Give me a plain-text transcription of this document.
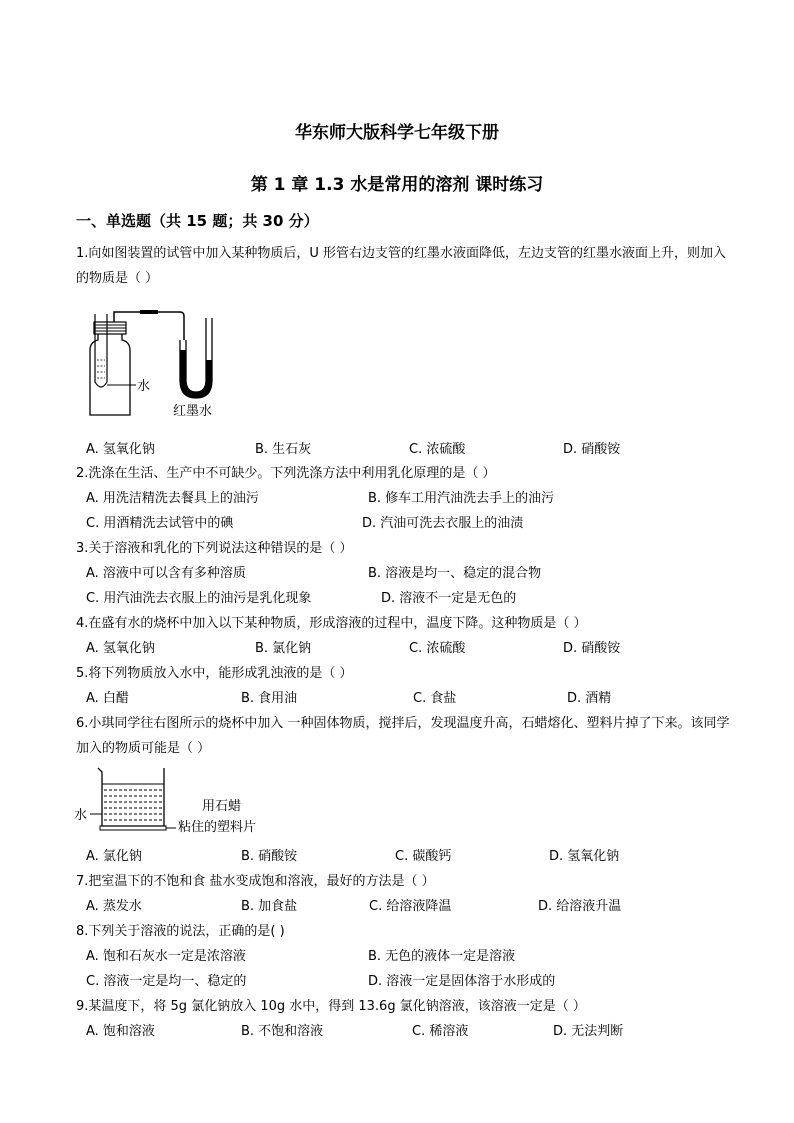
华东师大版科学七年级下册
第 1 章 1.3 水是常用的溶剂 课时练习
一、单选题（共 15 题；共 30 分）
1.向如图装置的试管中加入某种物质后，U 形管右边支管的红墨水液面降低，左边支管的红墨水液面上升，则加入的物质是（ ）
水
红墨水
A. 氢氧化钠	B. 生石灰	C. 浓硫酸	D. 硝酸铵
2.洗涤在生活、生产中不可缺少。下列洗涤方法中利用乳化原理的是（ ）
A. 用洗洁精洗去餐具上的油污	B. 修车工用汽油洗去手上的油污
C. 用酒精洗去试管中的碘	D. 汽油可洗去衣服上的油渍
3.关于溶液和乳化的下列说法这种错误的是（ ）
A. 溶液中可以含有多种溶质	B. 溶液是均一、稳定的混合物
C. 用汽油洗去衣服上的油污是乳化现象	D. 溶液不一定是无色的
4.在盛有水的烧杯中加入以下某种物质，形成溶液的过程中，温度下降。这种物质是（ ）
A. 氢氧化钠	B. 氯化钠	C. 浓硫酸	D. 硝酸铵
5.将下列物质放入水中，能形成乳浊液的是（ ）
A. 白醋	B. 食用油	C. 食盐	D. 酒精
6.小琪同学往右图所示的烧杯中加入 一种固体物质，搅拌后，发现温度升高，石蜡熔化、塑料片掉了下来。该同学加入的物质可能是（ ）
水
用石蜡
粘住的塑料片
A. 氯化钠	B. 硝酸铵	C. 碳酸钙	D. 氢氧化钠
7.把室温下的不饱和食 盐水变成饱和溶液，最好的方法是（ ）
A. 蒸发水	B. 加食盐	C. 给溶液降温	D. 给溶液升温
8.下列关于溶液的说法，正确的是( )
A. 饱和石灰水一定是浓溶液	B. 无色的液体一定是溶液
C. 溶液一定是均一、稳定的	D. 溶液一定是固体溶于水形成的
9.某温度下，将 5g 氯化钠放入 10g 水中，得到 13.6g 氯化钠溶液，该溶液一定是（ ）
A. 饱和溶液	B. 不饱和溶液	C. 稀溶液	D. 无法判断
